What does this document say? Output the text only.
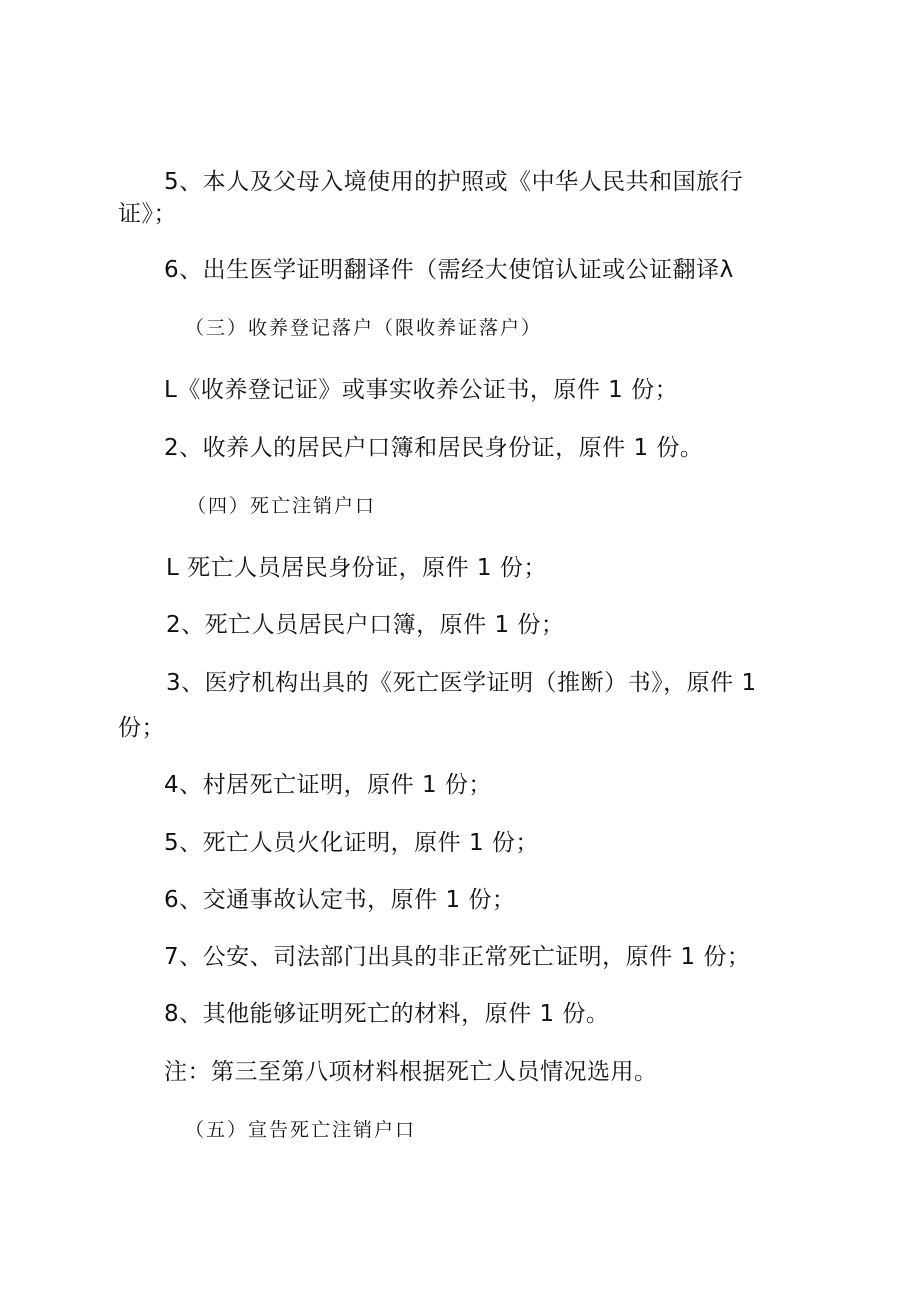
5、本人及父母入境使用的护照或《中华人民共和国旅行
证》；
6、出生医学证明翻译件（需经大使馆认证或公证翻译λ
（三）收养登记落户（限收养证落户）
L《收养登记证》或事实收养公证书，原件 1 份；
2、收养人的居民户口簿和居民身份证，原件 1 份。
（四）死亡注销户口
L 死亡人员居民身份证，原件 1 份；
2、死亡人员居民户口簿，原件 1 份；
3、医疗机构出具的《死亡医学证明（推断）书》，原件 1
份；
4、村居死亡证明，原件 1 份；
5、死亡人员火化证明，原件 1 份；
6、交通事故认定书，原件 1 份；
7、公安、司法部门出具的非正常死亡证明，原件 1 份；
8、其他能够证明死亡的材料，原件 1 份。
注：第三至第八项材料根据死亡人员情况选用。
（五）宣告死亡注销户口
